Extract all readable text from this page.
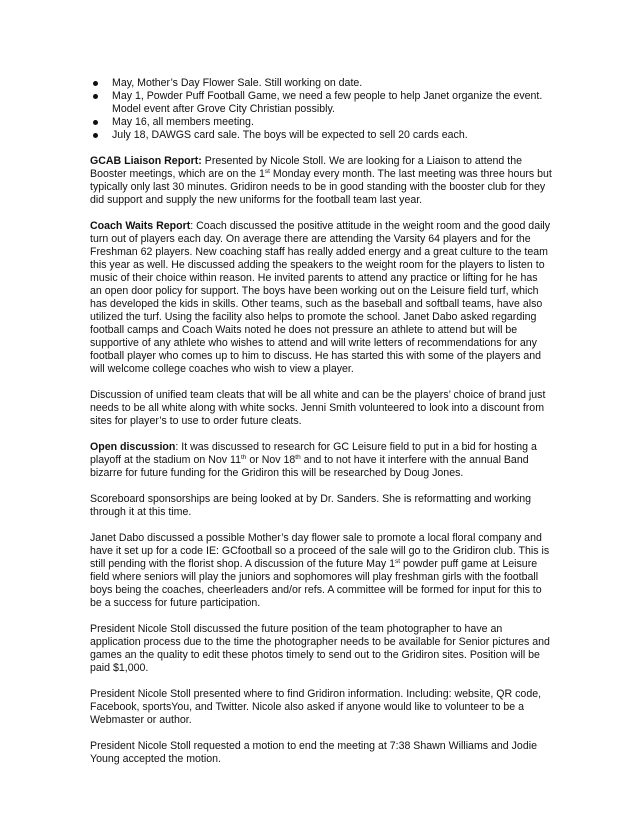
May, Mother’s Day Flower Sale. Still working on date.
May 1, Powder Puff Football Game, we need a few people to help Janet organize the event. Model event after Grove City Christian possibly.
May 16, all members meeting.
July 18, DAWGS card sale. The boys will be expected to sell 20 cards each.

GCAB Liaison Report: Presented by Nicole Stoll. We are looking for a Liaison to attend the Booster meetings, which are on the 1st Monday every month. The last meeting was three hours but typically only last 30 minutes. Gridiron needs to be in good standing with the booster club for they did support and supply the new uniforms for the football team last year.

Coach Waits Report: Coach discussed the positive attitude in the weight room and the good daily turn out of players each day. On average there are attending the Varsity 64 players and for the Freshman 62 players. New coaching staff has really added energy and a great culture to the team this year as well. He discussed adding the speakers to the weight room for the players to listen to music of their choice within reason. He invited parents to attend any practice or lifting for he has an open door policy for support. The boys have been working out on the Leisure field turf, which has developed the kids in skills. Other teams, such as the baseball and softball teams, have also utilized the turf. Using the facility also helps to promote the school. Janet Dabo asked regarding football camps and Coach Waits noted he does not pressure an athlete to attend but will be supportive of any athlete who wishes to attend and will write letters of recommendations for any football player who comes up to him to discuss. He has started this with some of the players and will welcome college coaches who wish to view a player.

Discussion of unified team cleats that will be all white and can be the players’ choice of brand just needs to be all white along with white socks. Jenni Smith volunteered to look into a discount from sites for player’s to use to order future cleats.

Open discussion: It was discussed to research for GC Leisure field to put in a bid for hosting a playoff at the stadium on Nov 11th or Nov 18th and to not have it interfere with the annual Band bizarre for future funding for the Gridiron this will be researched by Doug Jones.

Scoreboard sponsorships are being looked at by Dr. Sanders. She is reformatting and working through it at this time.

Janet Dabo discussed a possible Mother’s day flower sale to promote a local floral company and have it set up for a code IE: GCfootball so a proceed of the sale will go to the Gridiron club. This is still pending with the florist shop. A discussion of the future May 1st powder puff game at Leisure field where seniors will play the juniors and sophomores will play freshman girls with the football boys being the coaches, cheerleaders and/or refs. A committee will be formed for input for this to be a success for future participation.

President Nicole Stoll discussed the future position of the team photographer to have an application process due to the time the photographer needs to be available for Senior pictures and games an the quality to edit these photos timely to send out to the Gridiron sites. Position will be paid $1,000.

President Nicole Stoll presented where to find Gridiron information. Including: website, QR code, Facebook, sportsYou, and Twitter. Nicole also asked if anyone would like to volunteer to be a Webmaster or author.

President Nicole Stoll requested a motion to end the meeting at 7:38 Shawn Williams and Jodie Young accepted the motion.
